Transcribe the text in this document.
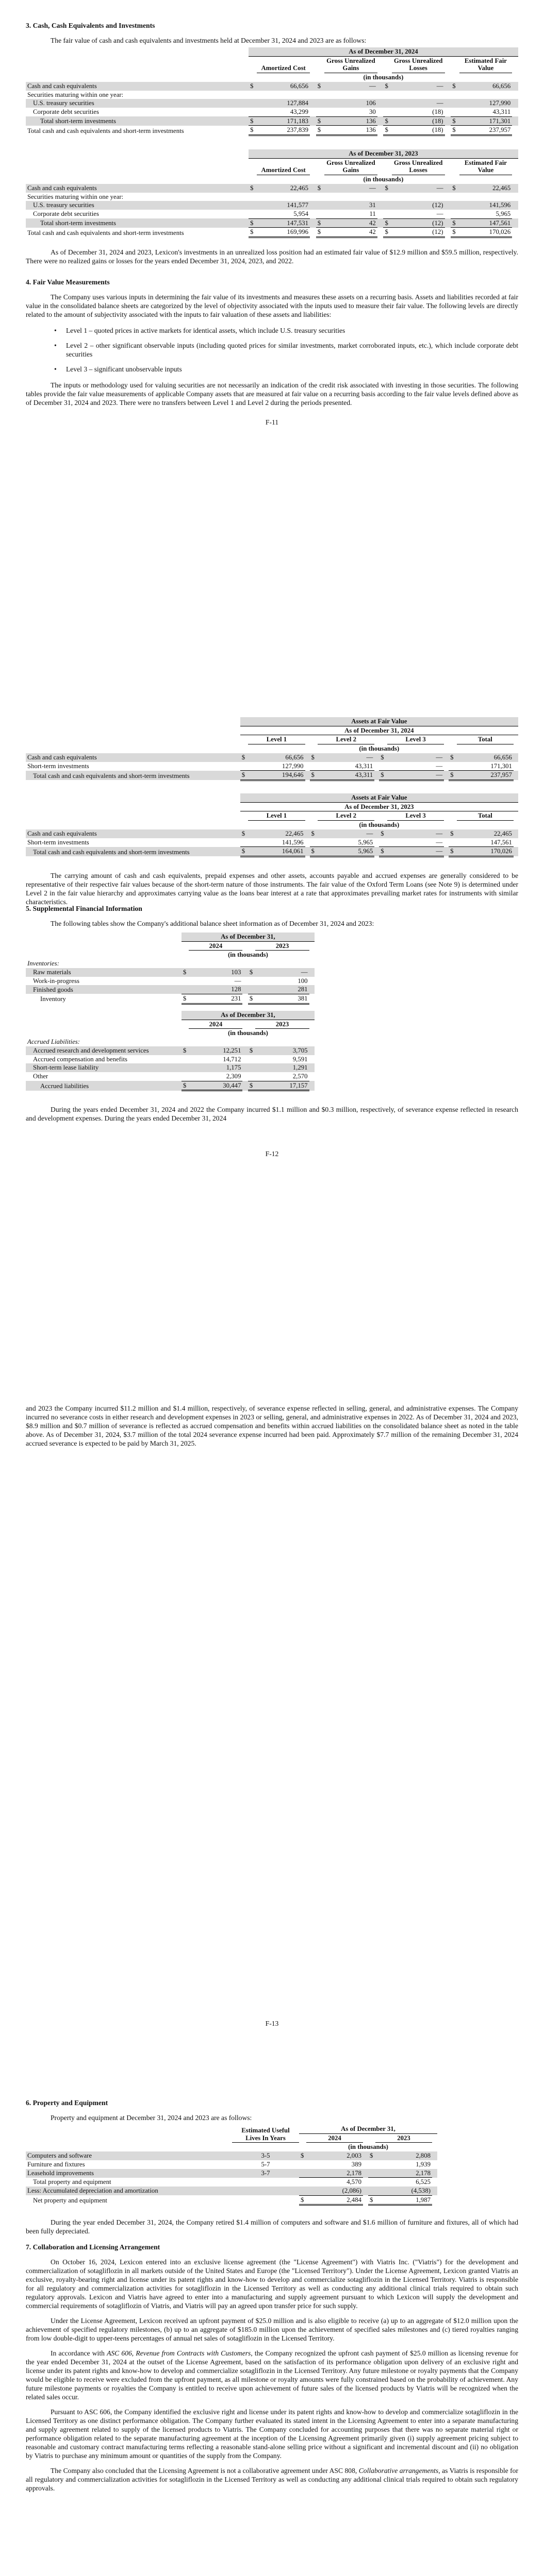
3. Cash, Cash Equivalents and Investments

The fair value of cash and cash equivalents and investments held at December 31, 2024 and 2023 are as follows:

	As of December 31, 2024											
		Amortized Cost			Gross Unrealized Gains			Gross Unrealized Losses			Estimated Fair Value	
	(in thousands)											
Cash and cash equivalents	$	66,656		$	—		$	—		$	66,656	
Securities maturing within one year:												
U.S. treasury securities		127,884			106			—			127,990	
Corporate debt securities		43,299			30			(18)			43,311	
Total short-term investments	$	171,183		$	136		$	(18)		$	171,301	
Total cash and cash equivalents and short-term investments	$	237,839		$	136		$	(18)		$	237,957	
	As of December 31, 2023											
		Amortized Cost			Gross Unrealized Gains			Gross Unrealized Losses			Estimated Fair Value	
	(in thousands)											
Cash and cash equivalents	$	22,465		$	—		$	—		$	22,465	
Securities maturing within one year:												
U.S. treasury securities		141,577			31			(12)			141,596	
Corporate debt securities		5,954			11			—			5,965	
Total short-term investments	$	147,531		$	42		$	(12)		$	147,561	
Total cash and cash equivalents and short-term investments	$	169,996		$	42		$	(12)		$	170,026	

As of December 31, 2024 and 2023, Lexicon's investments in an unrealized loss position had an estimated fair value of $12.9 million and $59.5 million, respectively. There were no realized gains or losses for the years ended December 31, 2024, 2023, and 2022.

4. Fair Value Measurements

The Company uses various inputs in determining the fair value of its investments and measures these assets on a recurring basis. Assets and liabilities recorded at fair value in the consolidated balance sheets are categorized by the level of objectivity associated with the inputs used to measure their fair value. The following levels are directly related to the amount of subjectivity associated with the inputs to fair valuation of these assets and liabilities:

• Level 1 – quoted prices in active markets for identical assets, which include U.S. treasury securities

• Level 2 – other significant observable inputs (including quoted prices for similar investments, market corroborated inputs, etc.), which include corporate debt securities

• Level 3 – significant unobservable inputs

The inputs or methodology used for valuing securities are not necessarily an indication of the credit risk associated with investing in those securities. The following tables provide the fair value measurements of applicable Company assets that are measured at fair value on a recurring basis according to the fair value levels defined above as of December 31, 2024 and 2023. There were no transfers between Level 1 and Level 2 during the periods presented.

F-11
	Assets at Fair Value											
	As of December 31, 2024											
		Level 1			Level 2			Level 3			Total	
	(in thousands)											
Cash and cash equivalents	$	66,656		$	—		$	—		$	66,656	
Short-term investments		127,990			43,311			—			171,301	
Total cash and cash equivalents and short-term investments	$	194,646		$	43,311		$	—		$	237,957	
	Assets at Fair Value											
	As of December 31, 2023											
		Level 1			Level 2			Level 3			Total	
	(in thousands)											
Cash and cash equivalents	$	22,465		$	—		$	—		$	22,465	
Short-term investments		141,596			5,965			—			147,561	
Total cash and cash equivalents and short-term investments	$	164,061		$	5,965		$	—		$	170,026	

The carrying amount of cash and cash equivalents, prepaid expenses and other assets, accounts payable and accrued expenses are generally considered to be representative of their respective fair values because of the short-term nature of those instruments. The fair value of the Oxford Term Loans (see Note 9) is determined under Level 2 in the fair value hierarchy and approximates carrying value as the loans bear interest at a rate that approximates prevailing market rates for instruments with similar characteristics.

5. Supplemental Financial Information

The following tables show the Company's additional balance sheet information as of December 31, 2024 and 2023:

	As of December 31,					
		2024			2023	
	(in thousands)					
Inventories:						
Raw materials	$	103		$	—	
Work-in-progress		—			100	
Finished goods		128			281	
Inventory	$	231		$	381	
	As of December 31,					
		2024			2023	
	(in thousands)					
Accrued Liabilities:						
Accrued research and development services	$	12,251		$	3,705	
Accrued compensation and benefits		14,712			9,591	
Short-term lease liability		1,175			1,291	
Other		2,309			2,570	
Accrued liabilities	$	30,447		$	17,157	

During the years ended December 31, 2024 and 2022 the Company incurred $1.1 million and $0.3 million, respectively, of severance expense reflected in research and development expenses. During the years ended December 31, 2024

F-12

and 2023 the Company incurred $11.2 million and $1.4 million, respectively, of severance expense reflected in selling, general, and administrative expenses. The Company incurred no severance costs in either research and development expenses in 2023 or selling, general, and administrative expenses in 2022. As of December 31, 2024 and 2023, $8.9 million and $0.7 million of severance is reflected as accrued compensation and benefits within accrued liabilities on the consolidated balance sheet as noted in the table above. As of December 31, 2024, $3.7 million of the total 2024 severance expense incurred had been paid. Approximately $7.7 million of the remaining December 31, 2024 accrued severance is expected to be paid by March 31, 2025.

F-13
6. Property and Equipment

Property and equipment at December 31, 2024 and 2023 are as follows:

	Estimated Useful Lives In Years	As of December 31,						
			2024			2023		
		(in thousands)						
Computers and software	3-5	$	2,003		$	2,808		
Furniture and fixtures	5-7		389			1,939		
Leasehold improvements	3-7		2,178			2,178		
Total property and equipment			4,570			6,525		
Less: Accumulated depreciation and amortization			(2,086)			(4,538)		
Net property and equipment		$	2,484		$	1,987		

During the year ended December 31, 2024, the Company retired $1.4 million of computers and software and $1.6 million of furniture and fixtures, all of which had been fully depreciated.

7. Collaboration and Licensing Arrangement

On October 16, 2024, Lexicon entered into an exclusive license agreement (the "License Agreement") with Viatris Inc. ("Viatris") for the development and commercialization of sotagliflozin in all markets outside of the United States and Europe (the "Licensed Territory"). Under the License Agreement, Lexicon granted Viatris an exclusive, royalty-bearing right and license under its patent rights and know-how to develop and commercialize sotagliflozin in the Licensed Territory. Viatris is responsible for all regulatory and commercialization activities for sotagliflozin in the Licensed Territory as well as conducting any additional clinical trials required to obtain such regulatory approvals. Lexicon and Viatris have agreed to enter into a manufacturing and supply agreement pursuant to which Lexicon will supply the development and commercial requirements of sotagliflozin of Viatris, and Viatris will pay an agreed upon transfer price for such supply.

Under the License Agreement, Lexicon received an upfront payment of $25.0 million and is also eligible to receive (a) up to an aggregate of $12.0 million upon the achievement of specified regulatory milestones, (b) up to an aggregate of $185.0 million upon the achievement of specified sales milestones and (c) tiered royalties ranging from low double-digit to upper-teens percentages of annual net sales of sotagliflozin in the Licensed Territory.

In accordance with ASC 606, Revenue from Contracts with Customers, the Company recognized the upfront cash payment of $25.0 million as licensing revenue for the year ended December 31, 2024 at the outset of the License Agreement, based on the satisfaction of its performance obligation upon delivery of an exclusive right and license under its patent rights and know-how to develop and commercialize sotagliflozin in the Licensed Territory. Any future milestone or royalty payments that the Company would be eligible to receive were excluded from the upfront payment, as all milestone or royalty amounts were fully constrained based on the probability of achievement. Any future milestone payments or royalties the Company is entitled to receive upon achievement of future sales of the licensed products by Viatris will be recognized when the related sales occur.

Pursuant to ASC 606, the Company identified the exclusive right and license under its patent rights and know-how to develop and commercialize sotagliflozin in the Licensed Territory as one distinct performance obligation. The Company further evaluated its stated intent in the Licensing Agreement to enter into a separate manufacturing and supply agreement related to supply of the licensed products to Viatris. The Company concluded for accounting purposes that there was no separate material right or performance obligation related to the separate manufacturing agreement at the inception of the Licensing Agreement primarily given (i) supply agreement pricing subject to reasonable and customary contract manufacturing terms reflecting a reasonable stand-alone selling price without a significant and incremental discount and (ii) no obligation by Viatris to purchase any minimum amount or quantities of the supply from the Company.

The Company also concluded that the Licensing Agreement is not a collaborative agreement under ASC 808, Collaborative arrangements, as Viatris is responsible for all regulatory and commercialization activities for sotagliflozin in the Licensed Territory as well as conducting any additional clinical trials required to obtain such regulatory approvals.
